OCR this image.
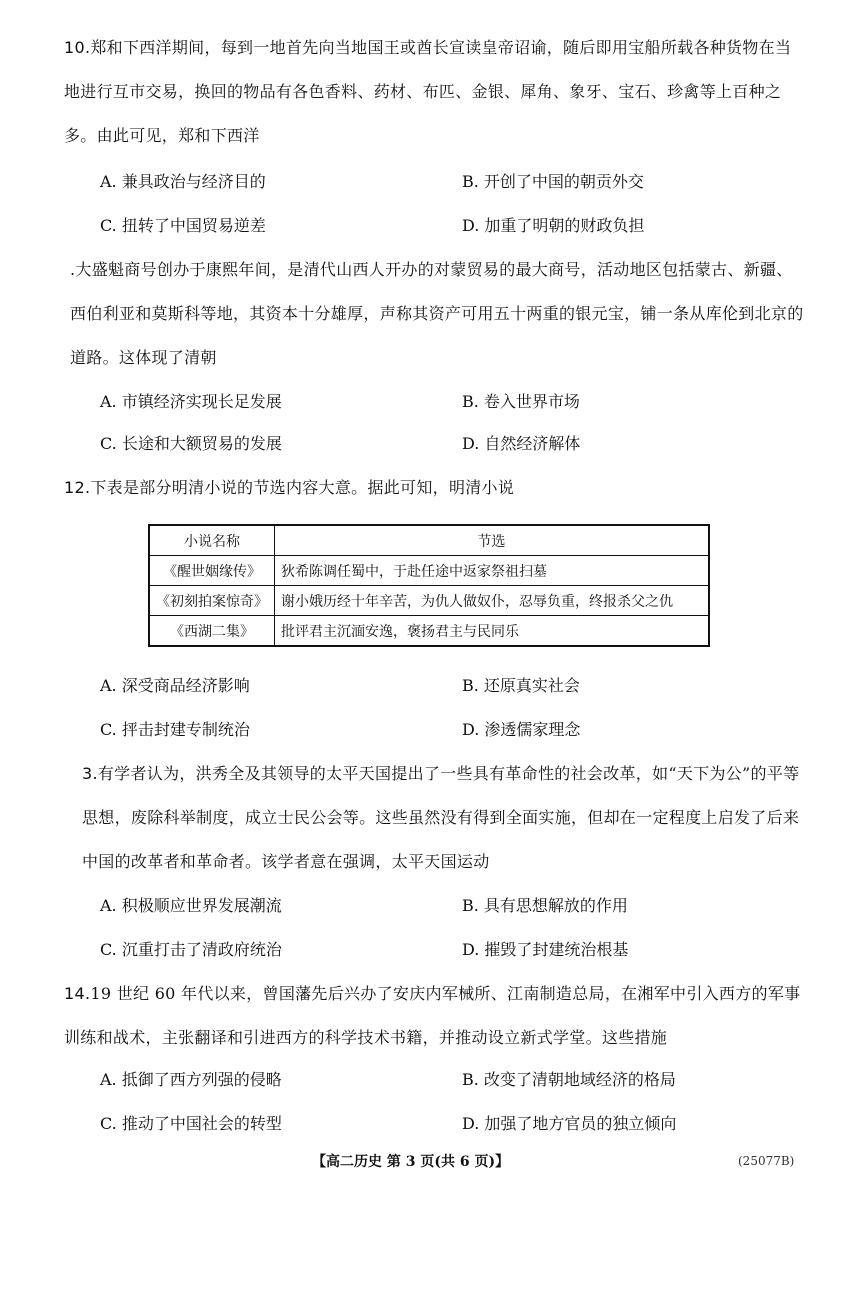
10.郑和下西洋期间，每到一地首先向当地国王或酋长宣读皇帝诏谕，随后即用宝船所载各种货物在当地进行互市交易，换回的物品有各色香料、药材、布匹、金银、犀角、象牙、宝石、珍禽等上百种之多。由此可见，郑和下西洋
A. 兼具政治与经济目的	B. 开创了中国的朝贡外交
C. 扭转了中国贸易逆差	D. 加重了明朝的财政负担
.大盛魁商号创办于康熙年间，是清代山西人开办的对蒙贸易的最大商号，活动地区包括蒙古、新疆、西伯利亚和莫斯科等地，其资本十分雄厚，声称其资产可用五十两重的银元宝，铺一条从库伦到北京的道路。这体现了清朝
A. 市镇经济实现长足发展	B. 卷入世界市场
C. 长途和大额贸易的发展	D. 自然经济解体
12.下表是部分明清小说的节选内容大意。据此可知，明清小说
小说名称	节选
《醒世姻缘传》	狄希陈调任蜀中，于赴任途中返家祭祖扫墓
《初刻拍案惊奇》	谢小娥历经十年辛苦，为仇人做奴仆，忍辱负重，终报杀父之仇
《西湖二集》	批评君主沉湎安逸，褒扬君主与民同乐
A. 深受商品经济影响	B. 还原真实社会
C. 抨击封建专制统治	D. 渗透儒家理念
3.有学者认为，洪秀全及其领导的太平天国提出了一些具有革命性的社会改革，如“天下为公”的平等思想，废除科举制度，成立士民公会等。这些虽然没有得到全面实施，但却在一定程度上启发了后来中国的改革者和革命者。该学者意在强调，太平天国运动
A. 积极顺应世界发展潮流	B. 具有思想解放的作用
C. 沉重打击了清政府统治	D. 摧毁了封建统治根基
14.19 世纪 60 年代以来，曾国藩先后兴办了安庆内军械所、江南制造总局，在湘军中引入西方的军事训练和战术，主张翻译和引进西方的科学技术书籍，并推动设立新式学堂。这些措施
A. 抵御了西方列强的侵略	B. 改变了清朝地域经济的格局
C. 推动了中国社会的转型	D. 加强了地方官员的独立倾向
【高二历史 第 3 页(共 6 页)】	(25077B)
